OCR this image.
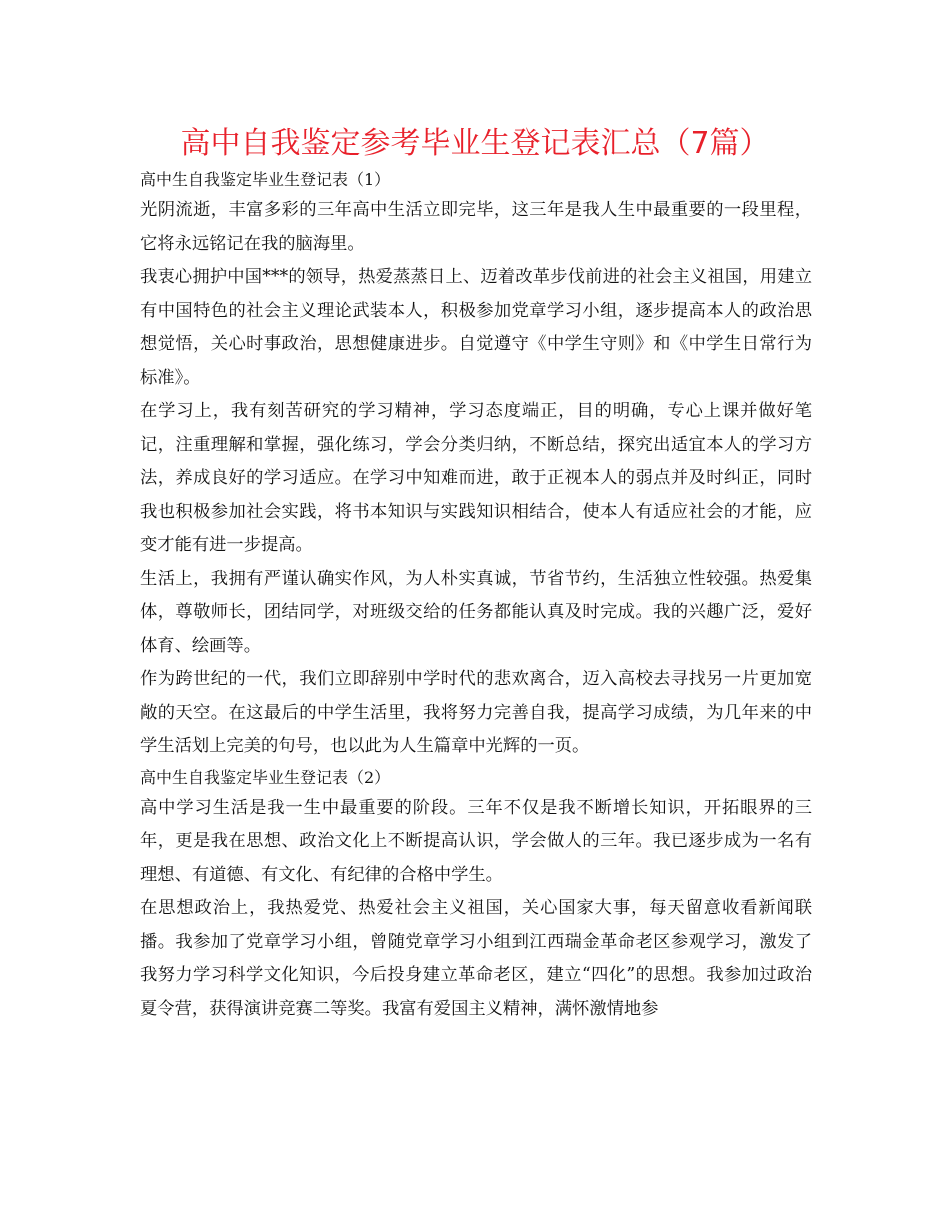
高中自我鉴定参考毕业生登记表汇总（7篇）

高中生自我鉴定毕业生登记表（1）

光阴流逝，丰富多彩的三年高中生活立即完毕，这三年是我人生中最重要的一段里程，它将永远铭记在我的脑海里。

我衷心拥护中国***的领导，热爱蒸蒸日上、迈着改革步伐前进的社会主义祖国，用建立有中国特色的社会主义理论武装本人，积极参加党章学习小组，逐步提高本人的政治思想觉悟，关心时事政治，思想健康进步。自觉遵守《中学生守则》和《中学生日常行为标准》。

在学习上，我有刻苦研究的学习精神，学习态度端正，目的明确，专心上课并做好笔记，注重理解和掌握，强化练习，学会分类归纳，不断总结，探究出适宜本人的学习方法，养成良好的学习适应。在学习中知难而进，敢于正视本人的弱点并及时纠正，同时我也积极参加社会实践，将书本知识与实践知识相结合，使本人有适应社会的才能，应变才能有进一步提高。

生活上，我拥有严谨认确实作风，为人朴实真诚，节省节约，生活独立性较强。热爱集体，尊敬师长，团结同学，对班级交给的任务都能认真及时完成。我的兴趣广泛，爱好体育、绘画等。

作为跨世纪的一代，我们立即辞别中学时代的悲欢离合，迈入高校去寻找另一片更加宽敞的天空。在这最后的中学生活里，我将努力完善自我，提高学习成绩，为几年来的中学生活划上完美的句号，也以此为人生篇章中光辉的一页。

高中生自我鉴定毕业生登记表（2）

高中学习生活是我一生中最重要的阶段。三年不仅是我不断增长知识，开拓眼界的三年，更是我在思想、政治文化上不断提高认识，学会做人的三年。我已逐步成为一名有理想、有道德、有文化、有纪律的合格中学生。

在思想政治上，我热爱党、热爱社会主义祖国，关心国家大事，每天留意收看新闻联播。我参加了党章学习小组，曾随党章学习小组到江西瑞金革命老区参观学习，激发了我努力学习科学文化知识，今后投身建立革命老区，建立“四化”的思想。我参加过政治夏令营，获得演讲竞赛二等奖。我富有爱国主义精神，满怀激情地参
